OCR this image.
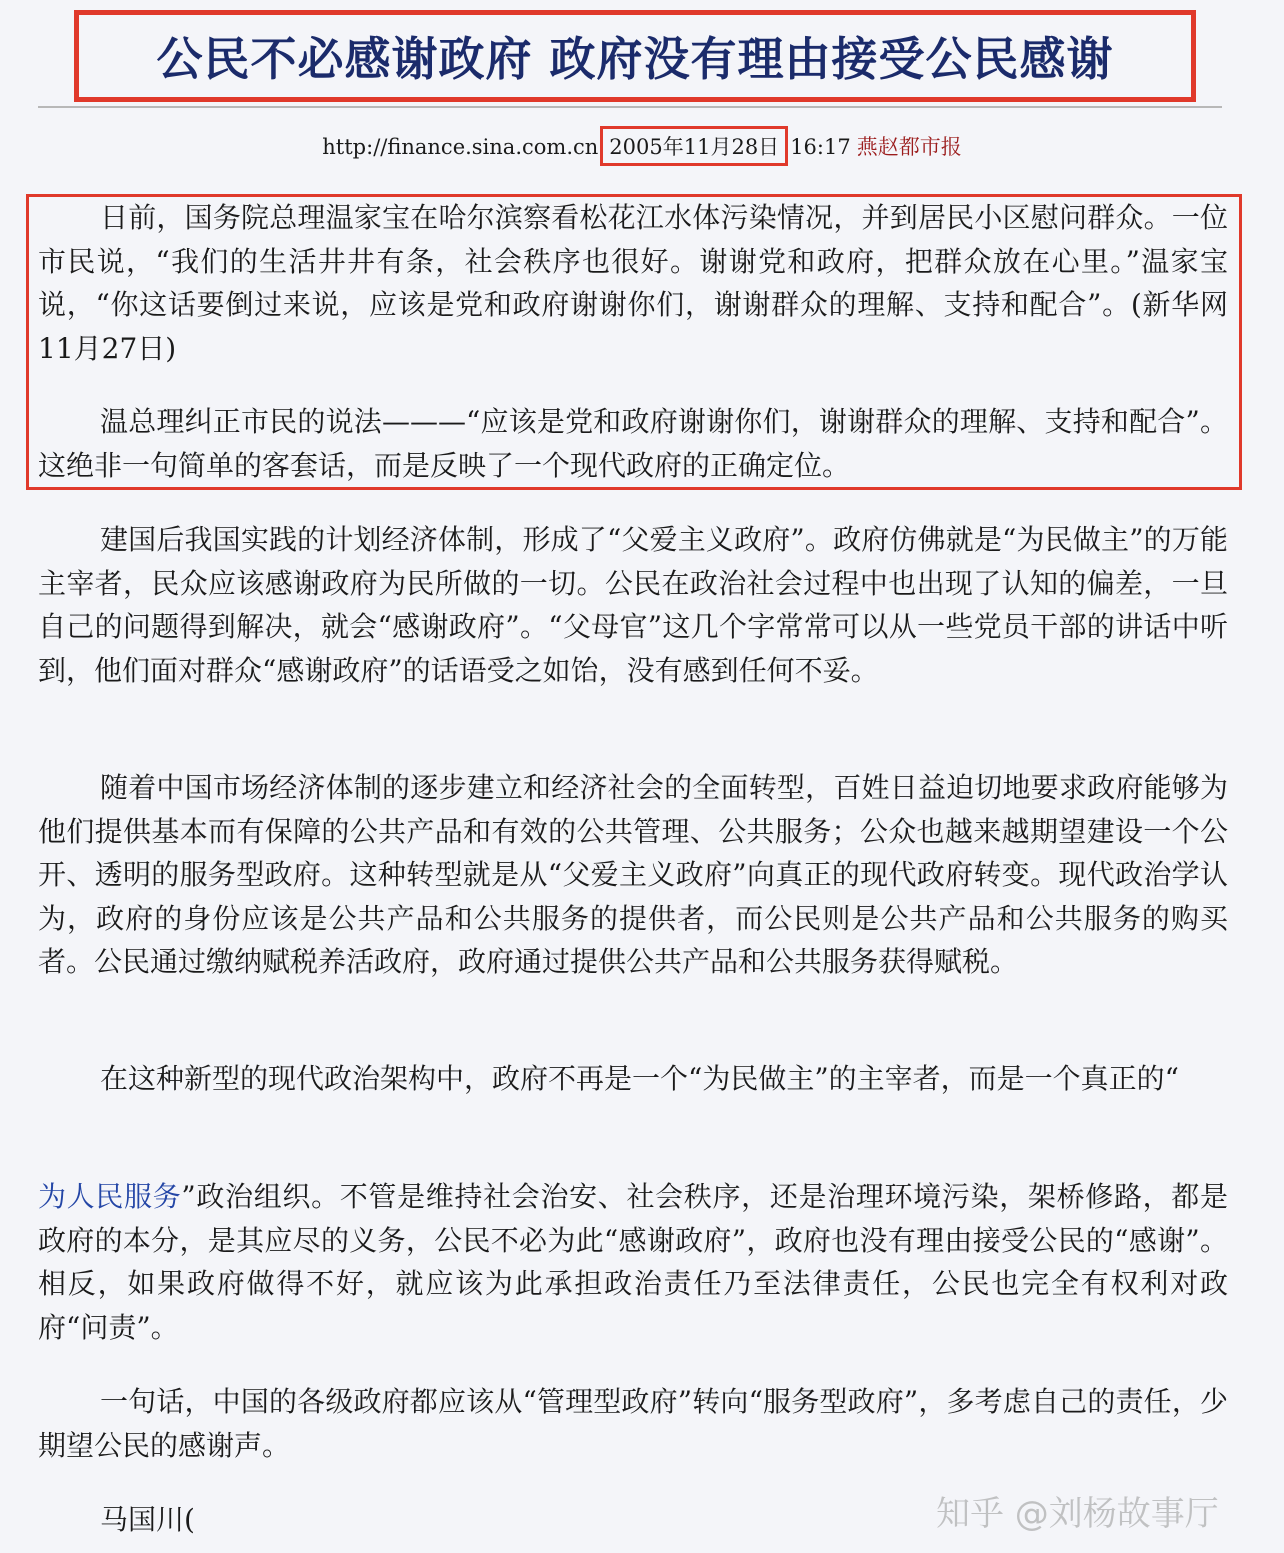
公民不必感谢政府 政府没有理由接受公民感谢
http://finance.sina.com.cn 2005年11月28日 16:17 燕赵都市报

日前，国务院总理温家宝在哈尔滨察看松花江水体污染情况，并到居民小区慰问群众。一位市民说，“我们的生活井井有条，社会秩序也很好。谢谢党和政府，把群众放在心里。”温家宝说，“你这话要倒过来说，应该是党和政府谢谢你们，谢谢群众的理解、支持和配合”。(新华网11月27日)

温总理纠正市民的说法———“应该是党和政府谢谢你们，谢谢群众的理解、支持和配合”。这绝非一句简单的客套话，而是反映了一个现代政府的正确定位。

建国后我国实践的计划经济体制，形成了“父爱主义政府”。政府仿佛就是“为民做主”的万能主宰者，民众应该感谢政府为民所做的一切。公民在政治社会过程中也出现了认知的偏差，一旦自己的问题得到解决，就会“感谢政府”。“父母官”这几个字常常可以从一些党员干部的讲话中听到，他们面对群众“感谢政府”的话语受之如饴，没有感到任何不妥。

随着中国市场经济体制的逐步建立和经济社会的全面转型，百姓日益迫切地要求政府能够为他们提供基本而有保障的公共产品和有效的公共管理、公共服务；公众也越来越期望建设一个公开、透明的服务型政府。这种转型就是从“父爱主义政府”向真正的现代政府转变。现代政治学认为，政府的身份应该是公共产品和公共服务的提供者，而公民则是公共产品和公共服务的购买者。公民通过缴纳赋税养活政府，政府通过提供公共产品和公共服务获得赋税。

在这种新型的现代政治架构中，政府不再是一个“为民做主”的主宰者，而是一个真正的“

为人民服务”政治组织。不管是维持社会治安、社会秩序，还是治理环境污染，架桥修路，都是政府的本分，是其应尽的义务，公民不必为此“感谢政府”，政府也没有理由接受公民的“感谢”。相反，如果政府做得不好，就应该为此承担政治责任乃至法律责任，公民也完全有权利对政府“问责”。

一句话，中国的各级政府都应该从“管理型政府”转向“服务型政府”，多考虑自己的责任，少期望公民的感谢声。

马国川(	知乎 @刘杨故事厅
